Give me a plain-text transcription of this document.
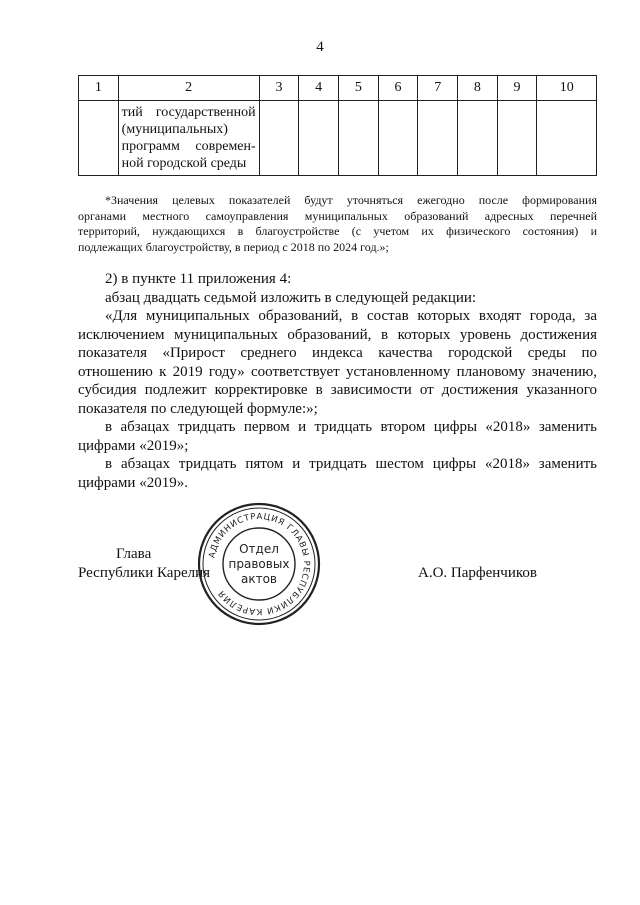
4
1	2	3	4	5	6	7	8	9	10

	тий государственной
(муниципальных)
программ современ-
ной городской среды								

*Значения целевых показателей будут уточняться ежегодно после формирования
органами местного самоуправления муниципальных образований адресных перечней
территорий, нуждающихся в благоустройстве (с учетом их физического состояния) и
подлежащих благоустройству, в период с 2018 по 2024 год.»;
2) в пункте 11 приложения 4:
абзац двадцать седьмой изложить в следующей редакции:
«Для муниципальных образований, в состав которых входят города, за
исключением муниципальных образований, в которых уровень достижения
показателя «Прирост среднего индекса качества городской среды по
отношению к 2019 году» соответствует установленному плановому значению,
субсидия подлежит корректировке в зависимости от достижения указанного
показателя по следующей формуле:»;
в абзацах тридцать первом и тридцать втором цифры «2018» заменить
цифрами «2019»;
в абзацах тридцать пятом и тридцать шестом цифры «2018» заменить
цифрами «2019».
Глава
Республики Карелия	А.О. Парфенчиков
АДМИНИСТРАЦИЯ ГЛАВЫ РЕСПУБЛИКИ КАРЕЛИЯ
Отдел
правовых
актов
